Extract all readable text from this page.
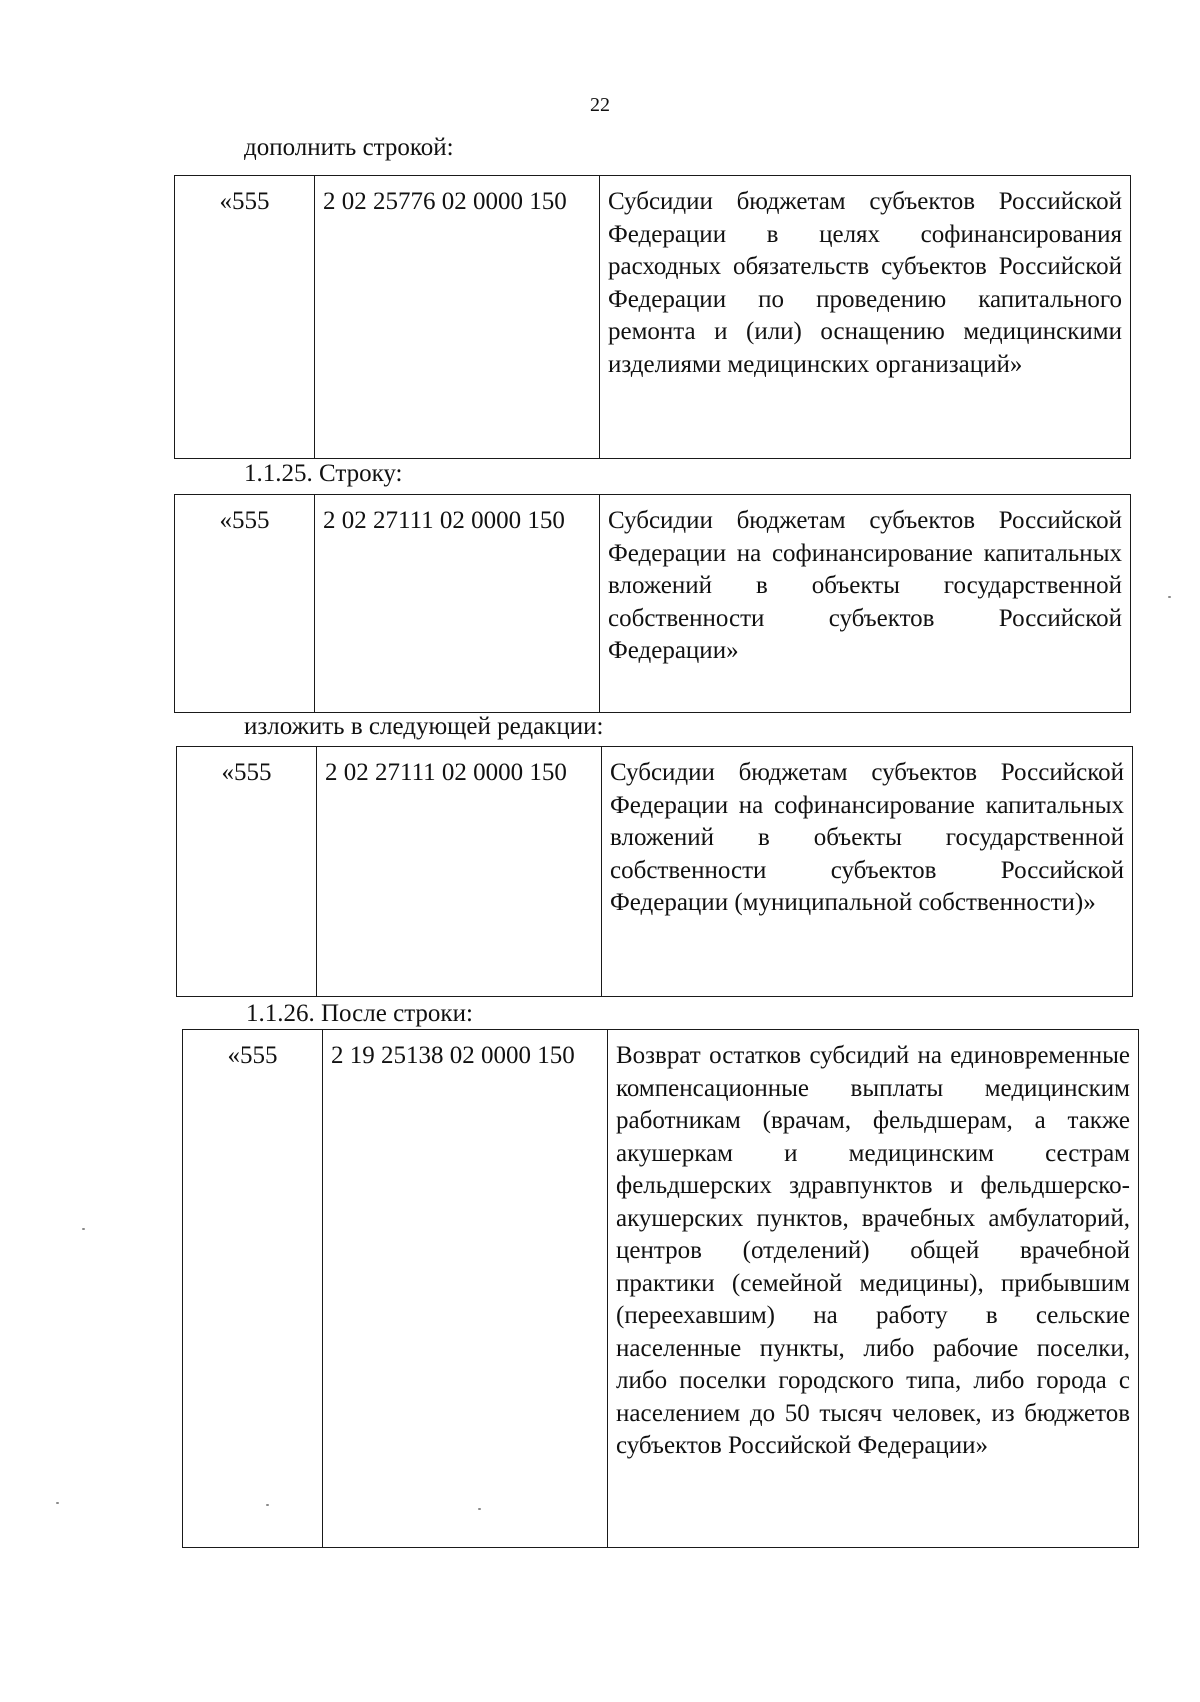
22
дополнить строкой:
«555	2 02 25776 02 0000 150	Субсидии бюджетам субъектов Российской Федерации в целях софинансирования расходных обязательств субъектов Российской Федерации по проведению капитального ремонта и (или) оснащению медицинскими изделиями медицинских организаций»
1.1.25. Строку:
«555	2 02 27111 02 0000 150	Субсидии бюджетам субъектов Российской Федерации на софинансирование капитальных вложений в объекты государственной собственности субъектов Российской Федерации»
изложить в следующей редакции:
«555	2 02 27111 02 0000 150	Субсидии бюджетам субъектов Российской Федерации на софинансирование капитальных вложений в объекты государственной собственности субъектов Российской Федерации (муниципальной собственности)»
1.1.26. После строки:
«555	2 19 25138 02 0000 150	Возврат остатков субсидий на единовременные компенсационные выплаты медицинским работникам (врачам, фельдшерам, а также акушеркам и медицинским сестрам фельдшерских здравпунктов и фельдшерско-акушерских пунктов, врачебных амбулаторий, центров (отделений) общей врачебной практики (семейной медицины), прибывшим (переехавшим) на работу в сельские населенные пункты, либо рабочие поселки, либо поселки городского типа, либо города с населением до 50 тысяч человек, из бюджетов субъектов Российской Федерации»
